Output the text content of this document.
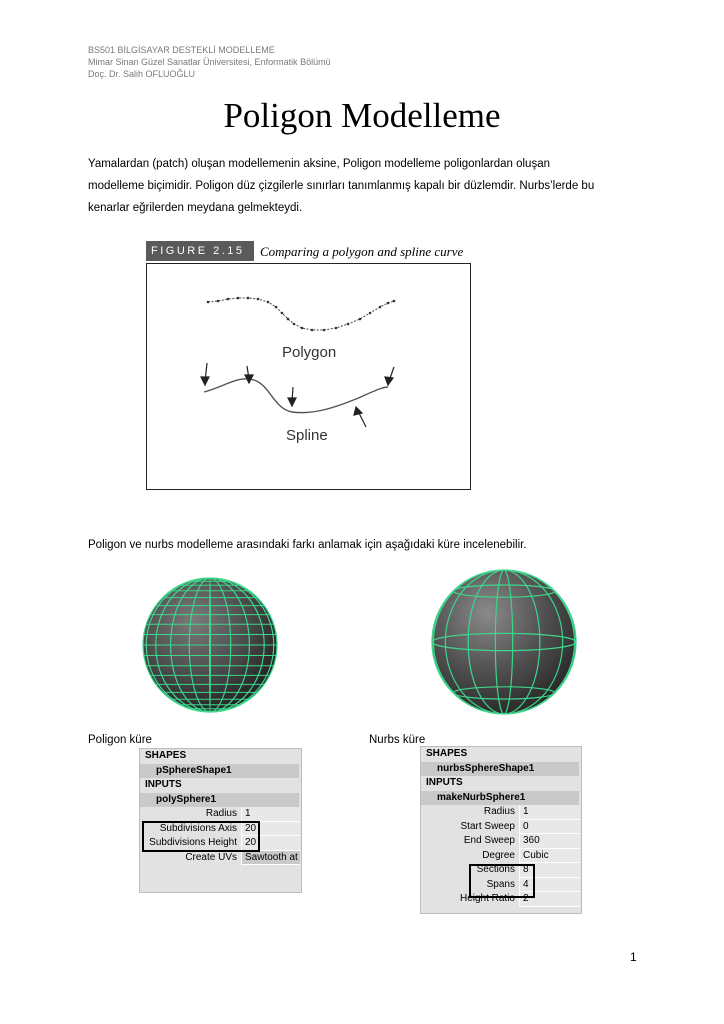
BS501 BİLGİSAYAR DESTEKLİ MODELLEME
Mimar Sinan Güzel Sanatlar Üniversitesi, Enformatik Bölümü
Doç. Dr. Salih OFLUOĞLU
Poligon Modelleme
Yamalardan (patch) oluşan modellemenin aksine, Poligon modelleme poligonlardan oluşan
modelleme biçimidir. Poligon düz çizgilerle sınırları tanımlanmış kapalı bir düzlemdir. Nurbs’lerde bu
kenarlar eğrilerden meydana gelmekteydi.
FIGURE 2.15	Comparing a polygon and spline curve
Polygon
Spline
Poligon ve nurbs modelleme arasındaki farkı anlamak için aşağıdaki küre incelenebilir.
Poligon küre	Nurbs küre
SHAPES
pSphereShape1
INPUTS
polySphere1
Radius 1
Subdivisions Axis 20
Subdivisions Height 20
Create UVs Sawtooth at
SHAPES
nurbsSphereShape1
INPUTS
makeNurbSphere1
Radius 1
Start Sweep 0
End Sweep 360
Degree Cubic
Sections 8
Spans 4
Height Ratio 2
1
